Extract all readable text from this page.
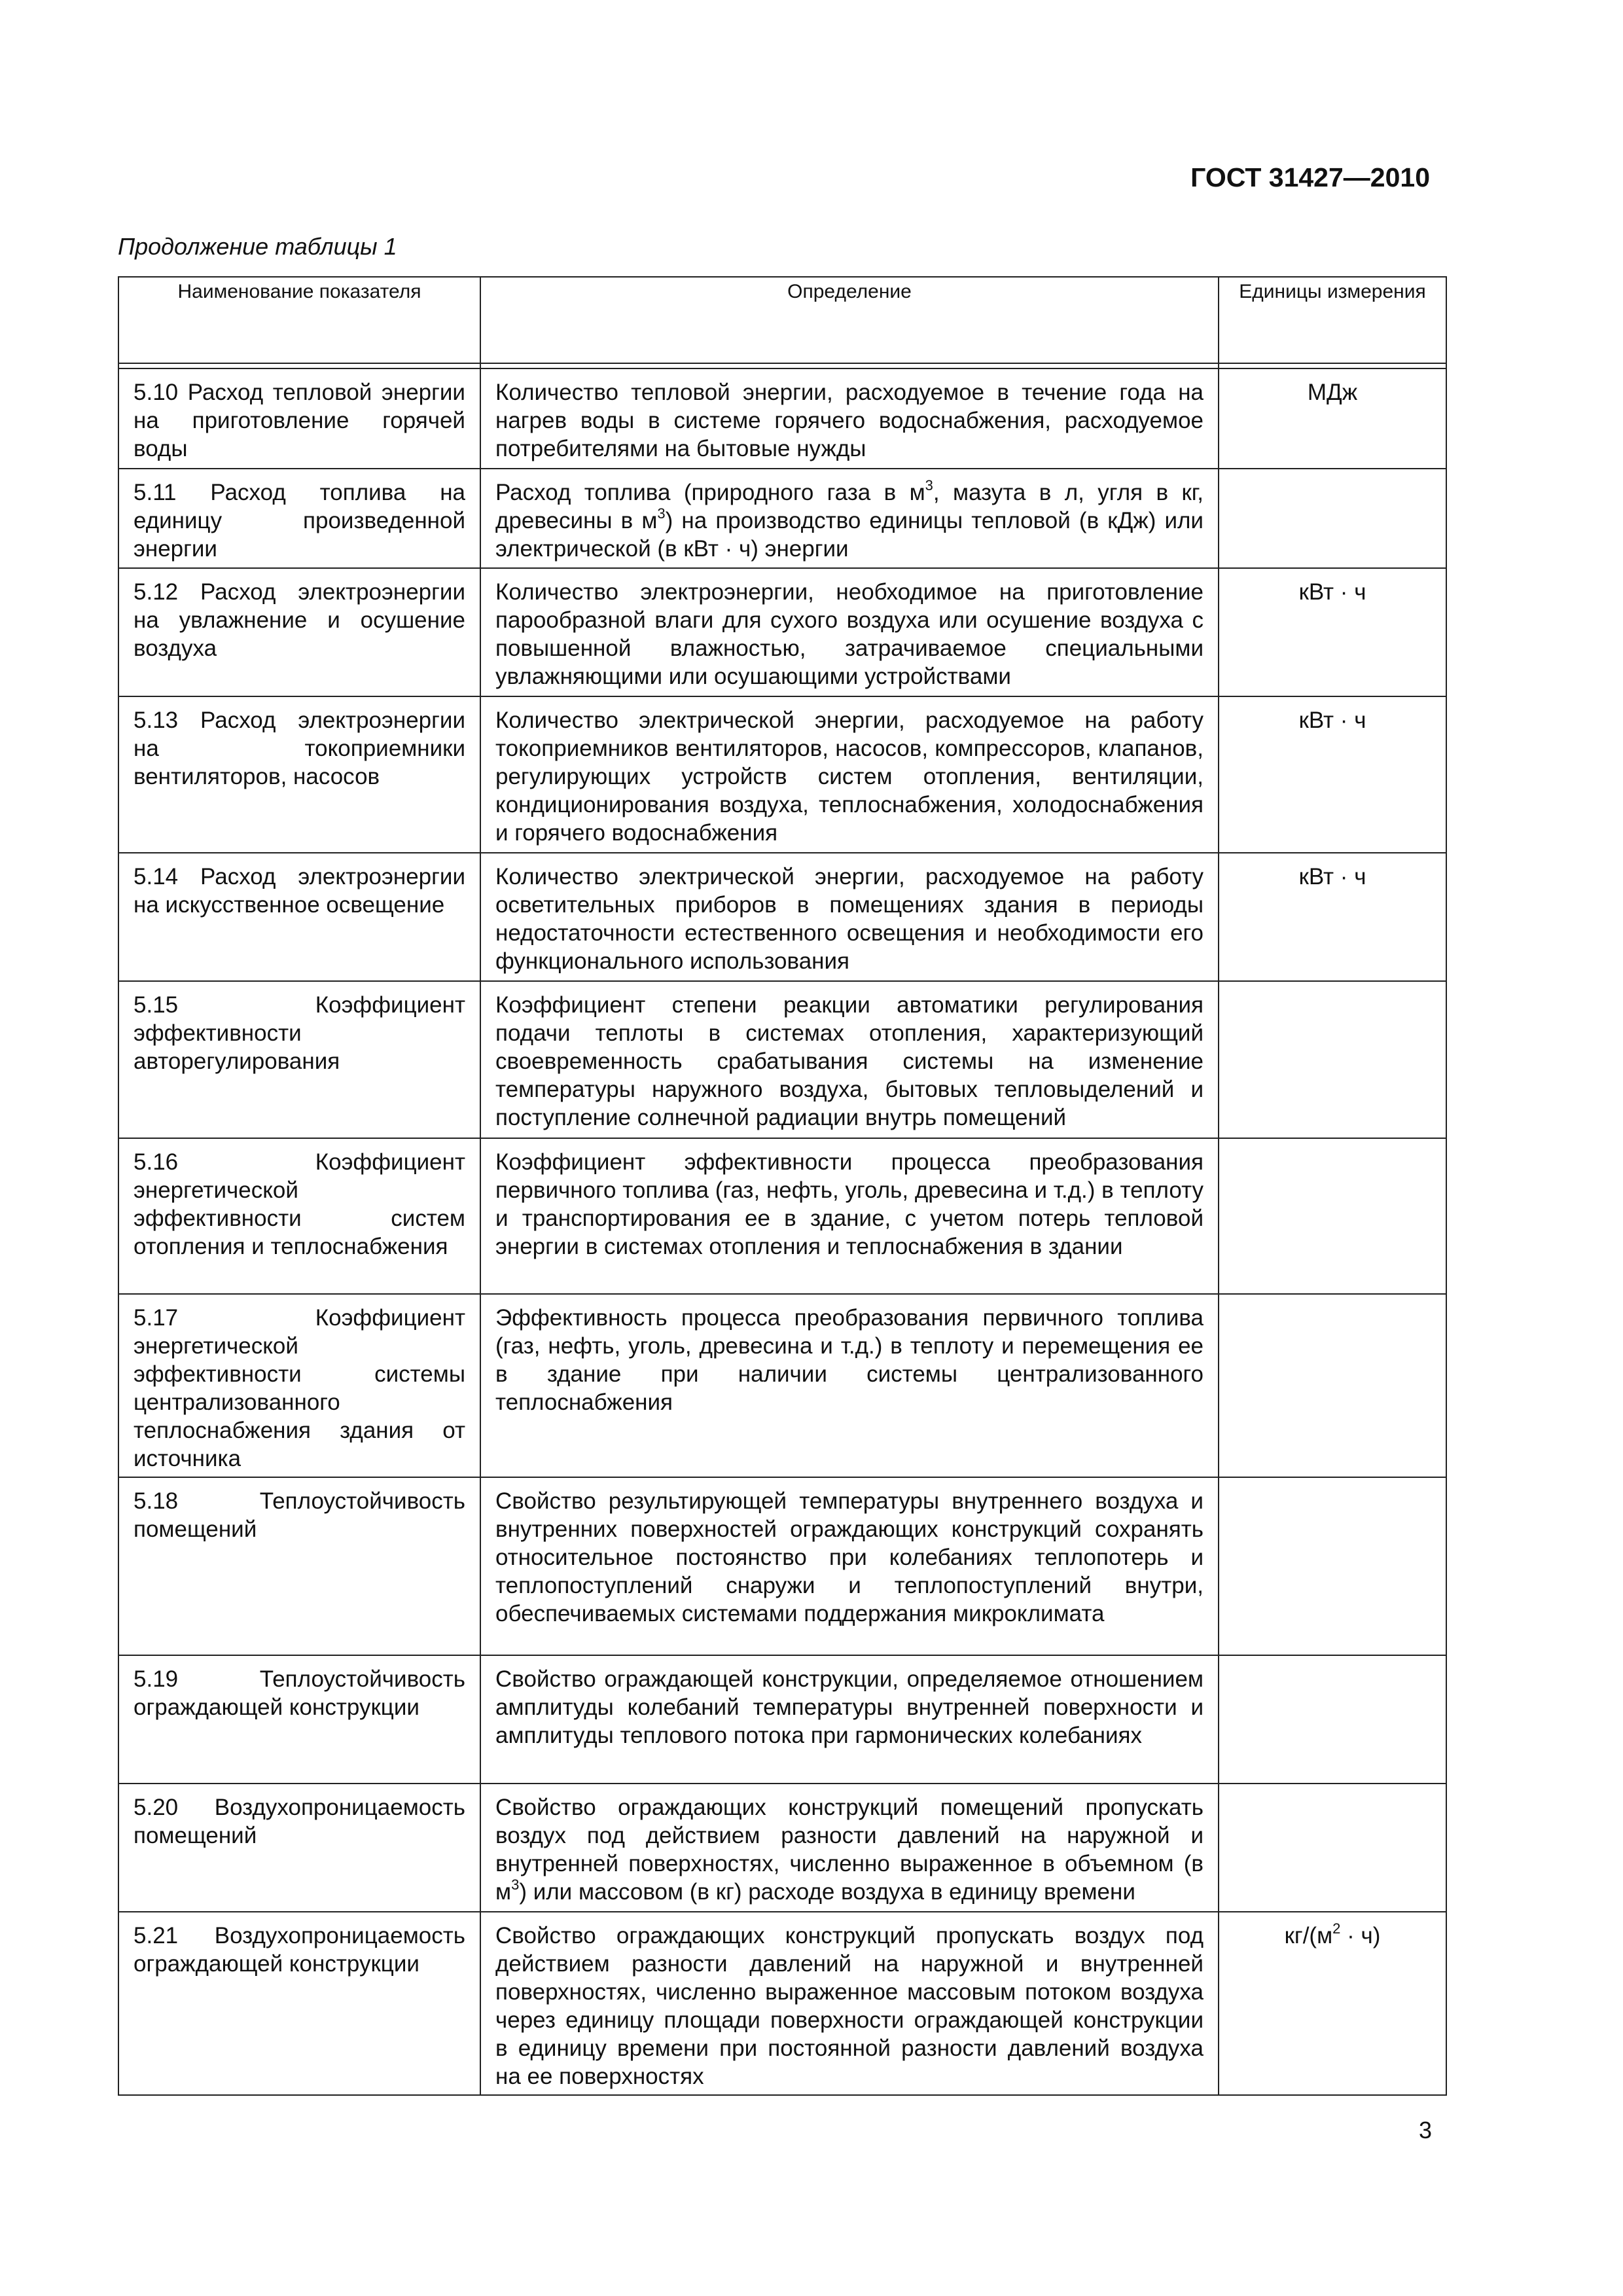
ГОСТ 31427—2010
Продолжение таблицы 1
Наименование показателя	Определение	Единицы измерения

5.10 Расход тепловой энергии на приготовление горячей воды	Количество тепловой энергии, расходуемое в течение года на нагрев воды в системе горячего водоснабжения, расходуемое потребителями на бытовые нужды	МДж
5.11 Расход топлива на единицу произведенной энергии	Расход топлива (природного газа в $м^3$, мазута в л, угля в кг, древесины в $м^3$) на производство единицы тепловой (в кДж) или электрической (в кВт · ч) энергии	
5.12 Расход электроэнергии на увлажнение и осушение воздуха	Количество электроэнергии, необходимое на приготовление парообразной влаги для сухого воздуха или осушение воздуха с повышенной влажностью, затрачиваемое специальными увлажняющими или осушающими устройствами	кВт · ч
5.13 Расход электроэнергии на токоприемники вентиляторов, насосов	Количество электрической энергии, расходуемое на работу токоприемников вентиляторов, насосов, компрессоров, клапанов, регулирующих устройств систем отопления, вентиляции, кондиционирования воздуха, теплоснабжения, холодоснабжения и горячего водоснабжения	кВт · ч
5.14 Расход электроэнергии на искусственное освещение	Количество электрической энергии, расходуемое на работу осветительных приборов в помещениях здания в периоды недостаточности естественного освещения и необходимости его функционального использования	кВт · ч
5.15 Коэффициент эффективности авторегулирования	Коэффициент степени реакции автоматики регулирования подачи теплоты в системах отопления, характеризующий своевременность срабатывания системы на изменение температуры наружного воздуха, бытовых тепловыделений и поступление солнечной радиации внутрь помещений	
5.16 Коэффициент энергетической эффективности систем отопления и теплоснабжения	Коэффициент эффективности процесса преобразования первичного топлива (газ, нефть, уголь, древесина и т.д.) в теплоту и транспортирования ее в здание, с учетом потерь тепловой энергии в системах отопления и теплоснабжения в здании	
5.17 Коэффициент энергетической эффективности системы централизованного теплоснабжения здания от источника	Эффективность процесса преобразования первичного топлива (газ, нефть, уголь, древесина и т.д.) в теплоту и перемещения ее в здание при наличии системы централизованного теплоснабжения	
5.18 Теплоустойчивость помещений	Свойство результирующей температуры внутреннего воздуха и внутренних поверхностей ограждающих конструкций сохранять относительное постоянство при колебаниях теплопотерь и теплопоступлений снаружи и теплопоступлений внутри, обеспечиваемых системами поддержания микроклимата	
5.19 Теплоустойчивость ограждающей конструкции	Свойство ограждающей конструкции, определяемое отношением амплитуды колебаний температуры внутренней поверхности и амплитуды теплового потока при гармонических колебаниях	
5.20 Воздухопроницаемость помещений	Свойство ограждающих конструкций помещений пропускать воздух под действием разности давлений на наружной и внутренней поверхностях, численно выраженное в объемном (в $м^3$) или массовом (в кг) расходе воздуха в единицу времени	
5.21 Воздухопроницаемость ограждающей конструкции	Свойство ограждающих конструкций пропускать воздух под действием разности давлений на наружной и внутренней поверхностях, численно выраженное массовым потоком воздуха через единицу площади поверхности ограждающей конструкции в единицу времени при постоянной разности давлений воздуха на ее поверхностях	$кг/(м^2 \cdot ч)$
3
